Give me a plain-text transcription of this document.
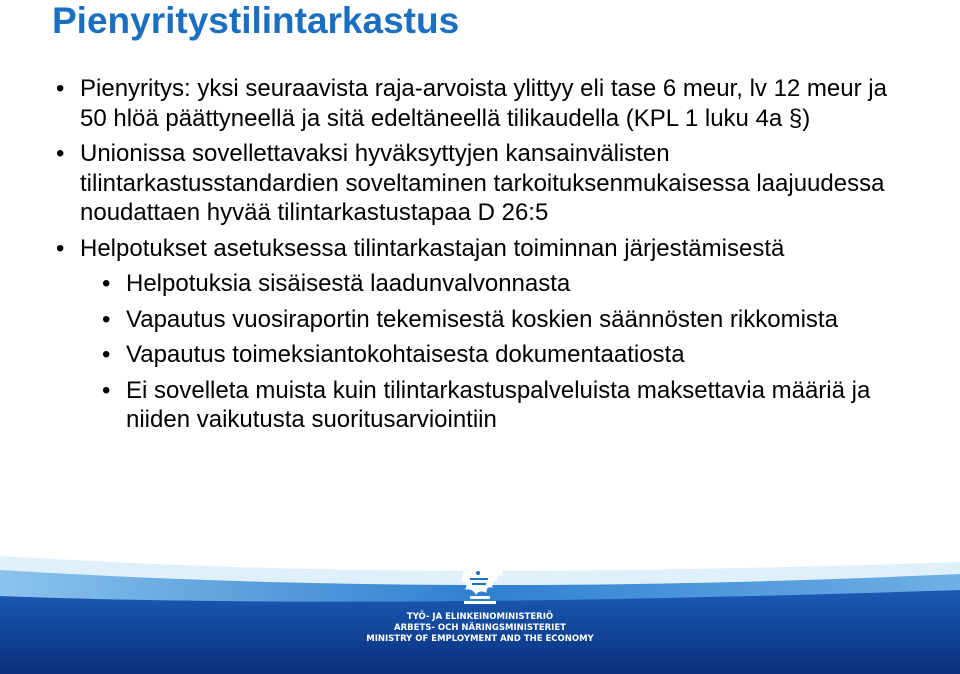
Pienyritystilintarkastus
• Pienyritys: yksi seuraavista raja-arvoista ylittyy eli tase 6 meur, lv 12 meur ja 50 hlöä päättyneellä ja sitä edeltäneellä tilikaudella (KPL 1 luku 4a §)
• Unionissa sovellettavaksi hyväksyttyjen kansainvälisten tilintarkastusstandardien soveltaminen tarkoituksenmukaisessa laajuudessa noudattaen hyvää tilintarkastustapaa D 26:5
• Helpotukset asetuksessa tilintarkastajan toiminnan järjestämisestä
• Helpotuksia sisäisestä laadunvalvonnasta
• Vapautus vuosiraportin tekemisestä koskien säännösten rikkomista
• Vapautus toimeksiantokohtaisesta dokumentaatiosta
• Ei sovelleta muista kuin tilintarkastuspalveluista maksettavia määriä ja niiden vaikutusta suoritusarviointiin
TYÖ- JA ELINKEINOMINISTERIÖ
ARBETS- OCH NÄRINGSMINISTERIET
MINISTRY OF EMPLOYMENT AND THE ECONOMY
